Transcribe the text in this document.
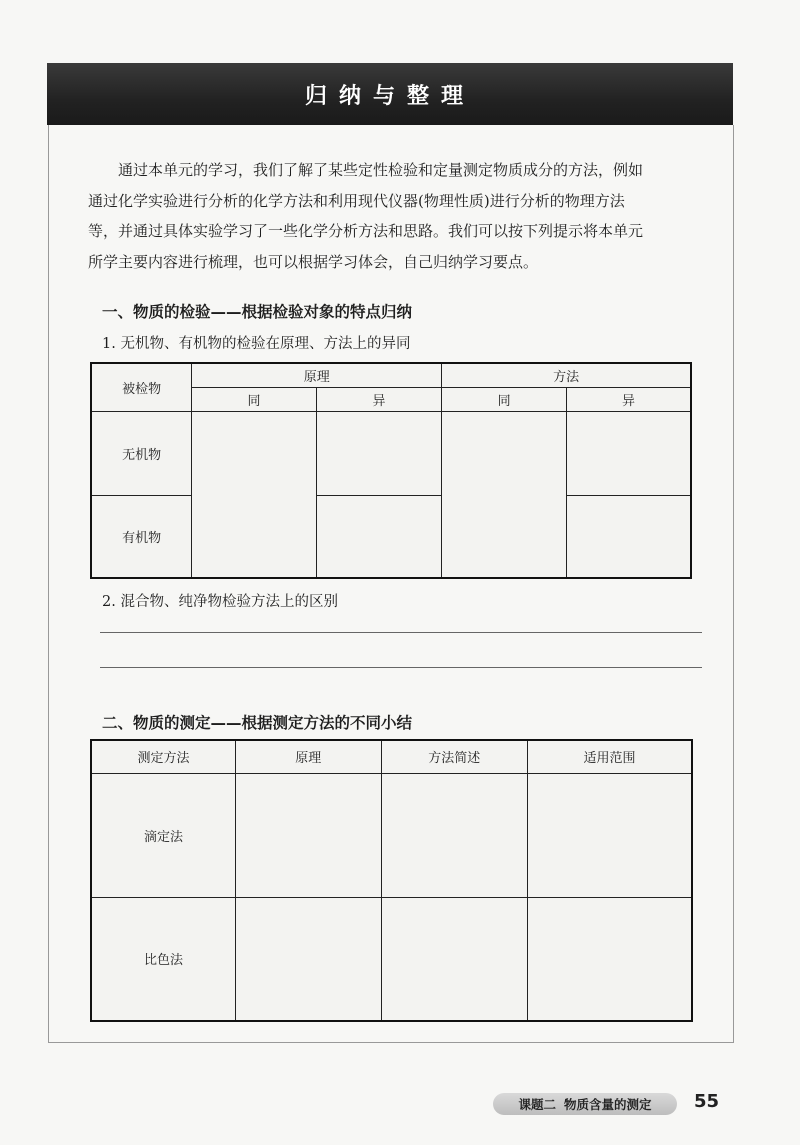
归纳与整理

通过本单元的学习，我们了解了某些定性检验和定量测定物质成分的方法，例如
通过化学实验进行分析的化学方法和利用现代仪器(物理性质)进行分析的物理方法
等，并通过具体实验学习了一些化学分析方法和思路。我们可以按下列提示将本单元
所学主要内容进行梳理，也可以根据学习体会，自己归纳学习要点。

一、物质的检验——根据检验对象的特点归纳

1. 无机物、有机物的检验在原理、方法上的异同

被检物	原理		方法	
	同	异	同	异
无机物				
有机物				

2. 混合物、纯净物检验方法上的区别

二、物质的测定——根据测定方法的不同小结
测定方法	原理	方法简述	适用范围
滴定法			
比色法			
课题二 物质含量的测定 55
